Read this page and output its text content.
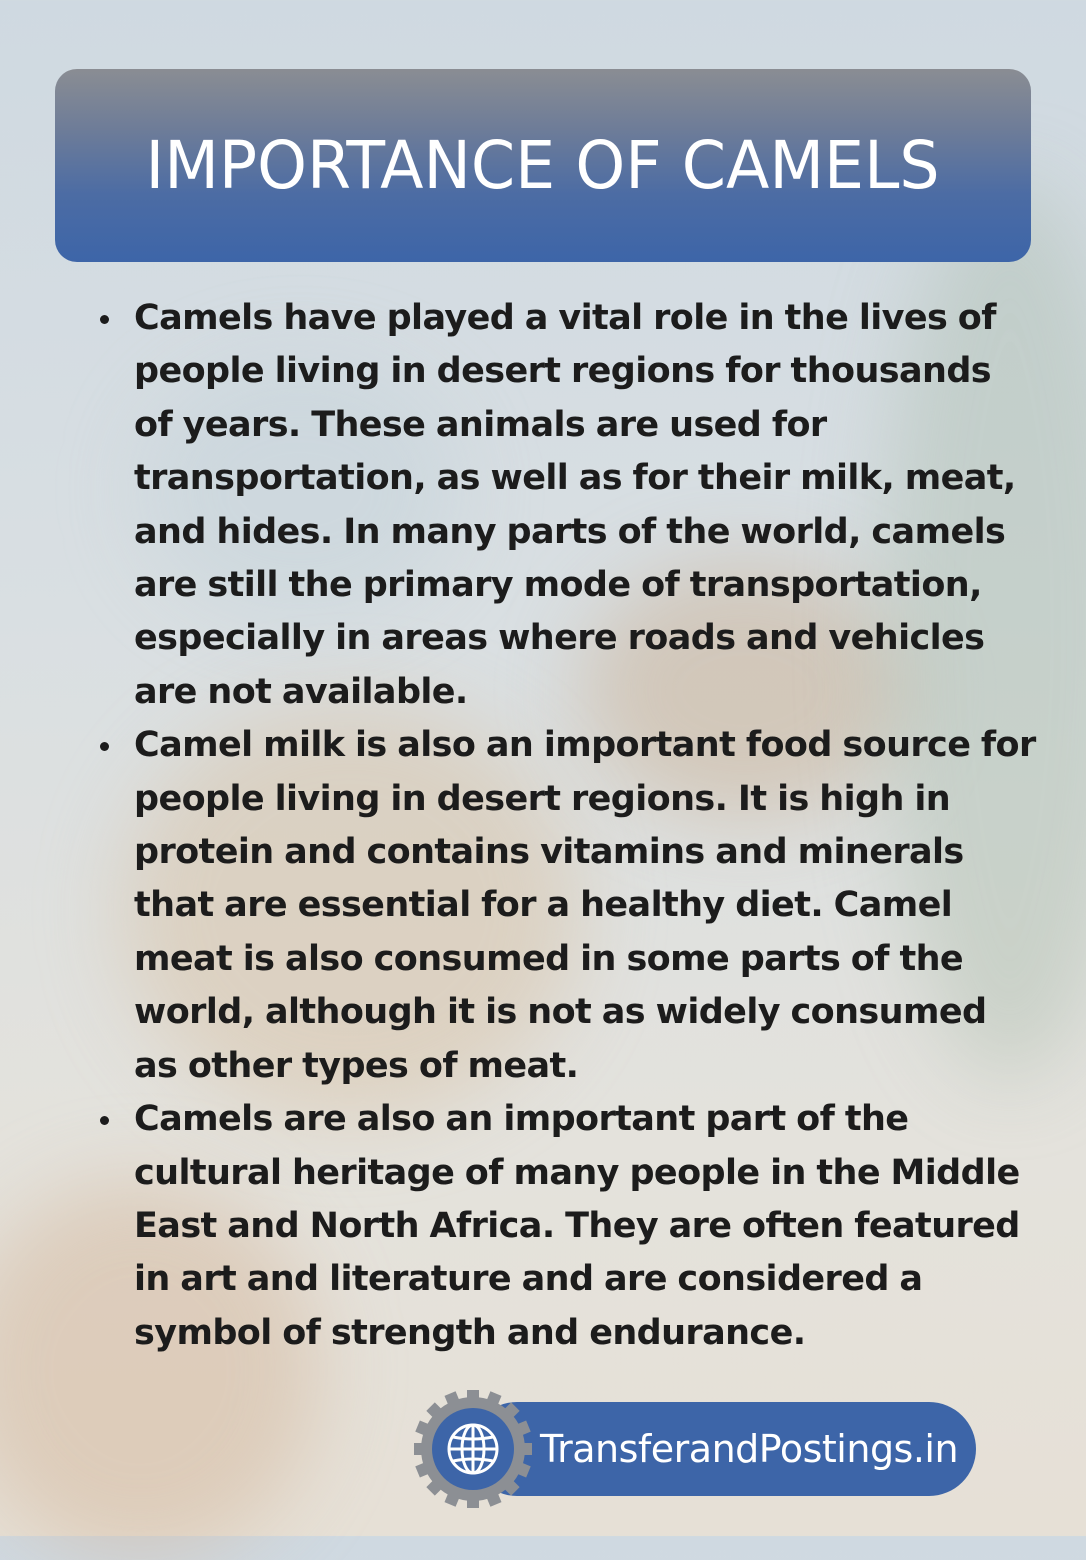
IMPORTANCE OF CAMELS
Camels have played a vital role in the lives of
people living in desert regions for thousands
of years. These animals are used for
transportation, as well as for their milk, meat,
and hides. In many parts of the world, camels
are still the primary mode of transportation,
especially in areas where roads and vehicles
are not available.
Camel milk is also an important food source for
people living in desert regions. It is high in
protein and contains vitamins and minerals
that are essential for a healthy diet. Camel
meat is also consumed in some parts of the
world, although it is not as widely consumed
as other types of meat.
Camels are also an important part of the
cultural heritage of many people in the Middle
East and North Africa. They are often featured
in art and literature and are considered a
symbol of strength and endurance.
TransferandPostings.in
